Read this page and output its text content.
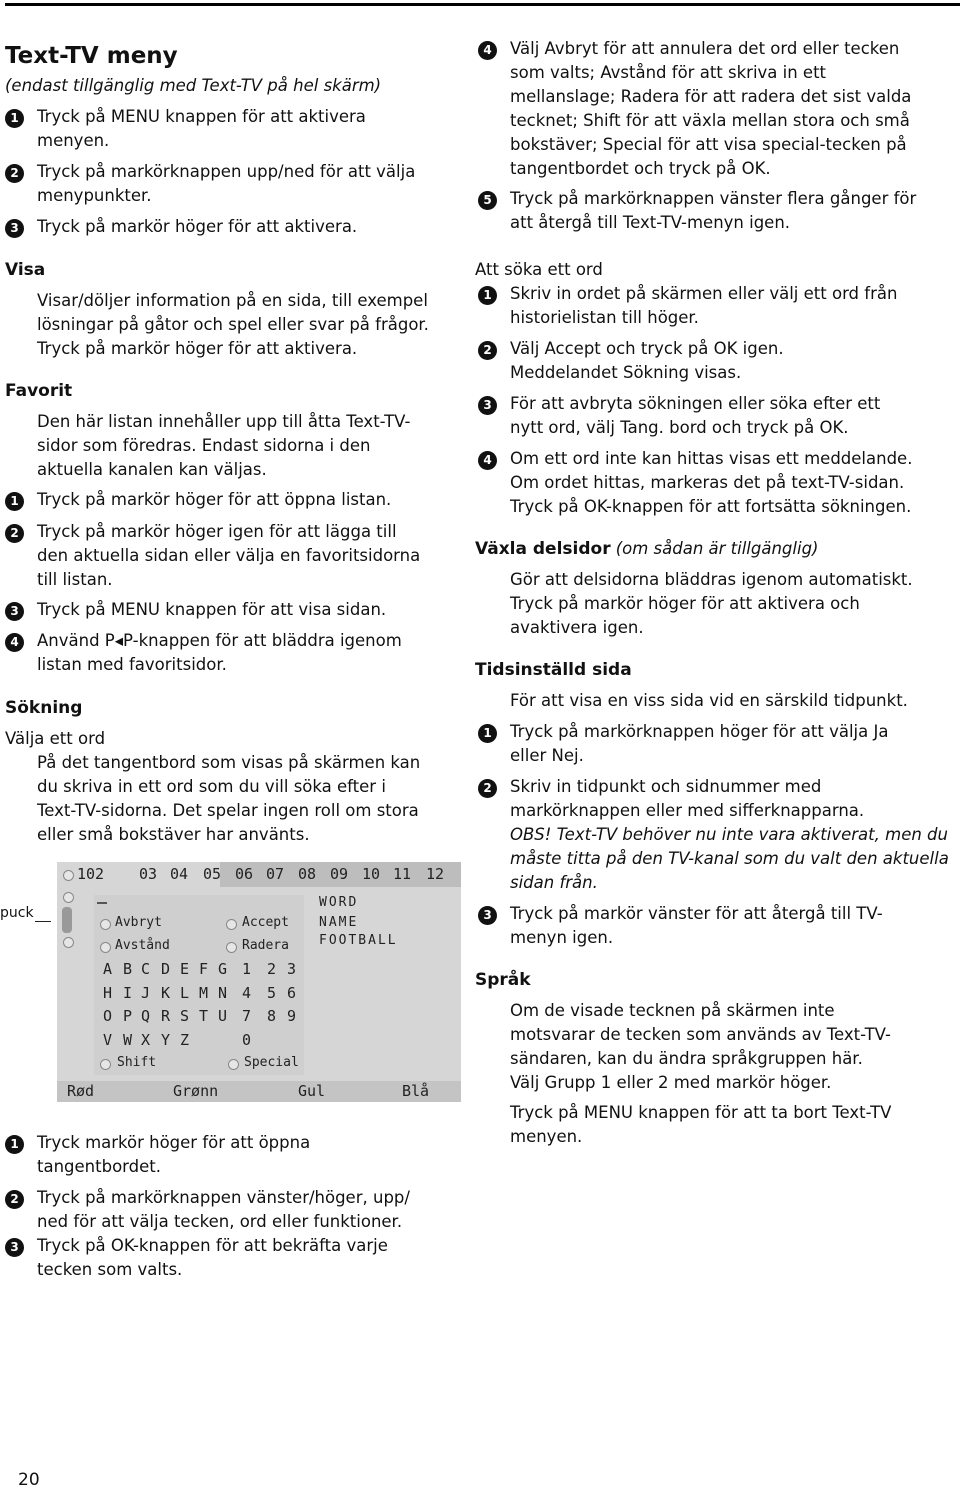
Text-TV meny
(endast tillgänglig med Text-TV på hel skärm)
1	Tryck på MENU knappen för att aktivera
menyen.
2	Tryck på markörknappen upp/ned för att välja
menypunkter.
3	Tryck på markör höger för att aktivera.
Visa
Visar/döljer information på en sida, till exempel
lösningar på gåtor och spel eller svar på frågor.
Tryck på markör höger för att aktivera.
Favorit
Den här listan innehåller upp till åtta Text-TV-
sidor som föredras. Endast sidorna i den
aktuella kanalen kan väljas.
1	Tryck på markör höger för att öppna listan.
2	Tryck på markör höger igen för att lägga till
den aktuella sidan eller välja en favoritsidorna
till listan.
3	Tryck på MENU knappen för att visa sidan.
4	Använd P◂P-knappen för att bläddra igenom
listan med favoritsidor.
Sökning
Välja ett ord
På det tangentbord som visas på skärmen kan
du skriva in ett ord som du vill söka efter i
Text-TV-sidorna. Det spelar ingen roll om stora
eller små bokstäver har använts.
puck
1	Tryck markör höger för att öppna
tangentbordet.
2	Tryck på markörknappen vänster/höger, upp/
ned för att välja tecken, ord eller funktioner.
3	Tryck på OK-knappen för att bekräfta varje
tecken som valts.
20
102 03 04 05 06 07 08 09 10 11 12
WORD
NAME
FOOTBALL
Avbryt	Accept
Avstånd	Radera
Shift	Special
Rød	Grønn	Gul	Blå
A B C D E F G 1 2 3
H I J K L M N 4 5 6
O P Q R S T U 7 8 9
V W X Y Z	0
4	Välj Avbryt för att annulera det ord eller tecken
som valts; Avstånd för att skriva in ett
mellanslage; Radera för att radera det sist valda
tecknet; Shift för att växla mellan stora och små
bokstäver; Special för att visa special-tecken på
tangentbordet och tryck på OK.
5	Tryck på markörknappen vänster flera gånger för
att återgå till Text-TV-menyn igen.
Att söka ett ord
1	Skriv in ordet på skärmen eller välj ett ord från
historielistan till höger.
2	Välj Accept och tryck på OK igen.
Meddelandet Sökning visas.
3	För att avbryta sökningen eller söka efter ett
nytt ord, välj Tang. bord och tryck på OK.
4	Om ett ord inte kan hittas visas ett meddelande.
Om ordet hittas, markeras det på text-TV-sidan.
Tryck på OK-knappen för att fortsätta sökningen.
Växla delsidor (om sådan är tillgänglig)
Gör att delsidorna bläddras igenom automatiskt.
Tryck på markör höger för att aktivera och
avaktivera igen.
Tidsinställd sida
För att visa en viss sida vid en särskild tidpunkt.
1	Tryck på markörknappen höger för att välja Ja
eller Nej.
2	Skriv in tidpunkt och sidnummer med
markörknappen eller med sifferknapparna.
OBS! Text-TV behöver nu inte vara aktiverat, men du
måste titta på den TV-kanal som du valt den aktuella
sidan från.
3	Tryck på markör vänster för att återgå till TV-
menyn igen.
Språk
Om de visade tecknen på skärmen inte
motsvarar de tecken som används av Text-TV-
sändaren, kan du ändra språkgruppen här.
Välj Grupp 1 eller 2 med markör höger.
Tryck på MENU knappen för att ta bort Text-TV
menyen.
